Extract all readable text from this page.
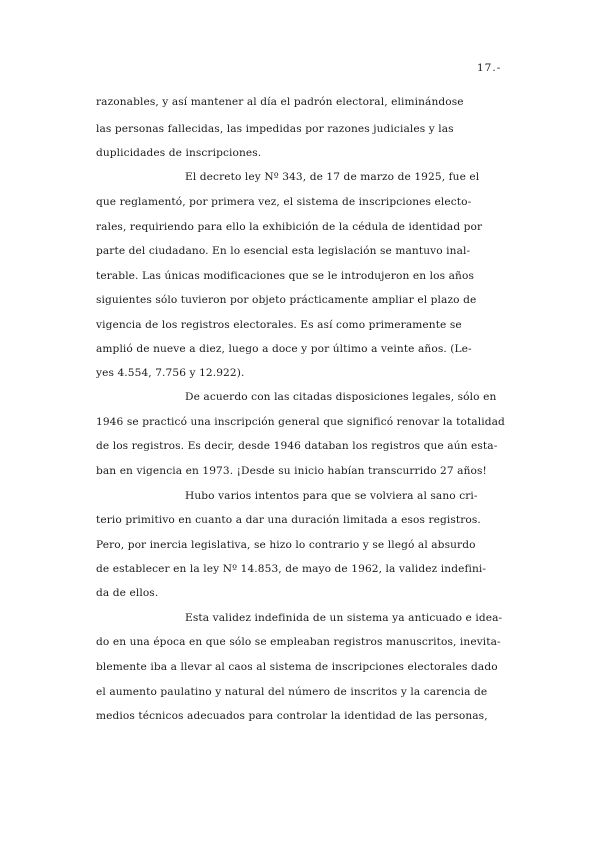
17.-
razonables, y así mantener al día el padrón electoral, eliminándose
las personas fallecidas, las impedidas por razones judiciales y las
duplicidades de inscripciones.
El decreto ley Nº 343, de 17 de marzo de 1925, fue el
que reglamentó, por primera vez, el sistema de inscripciones electo-
rales, requiriendo para ello la exhibición de la cédula de identidad por
parte del ciudadano. En lo esencial esta legislación se mantuvo inal-
terable. Las únicas modificaciones que se le introdujeron en los años
siguientes sólo tuvieron por objeto prácticamente ampliar el plazo de
vigencia de los registros electorales. Es así como primeramente se
amplió de nueve a diez, luego a doce y por último a veinte años. (Le-
yes 4.554, 7.756 y 12.922).
De acuerdo con las citadas disposiciones legales, sólo en
1946 se practicó una inscripción general que significó renovar la totalidad
de los registros. Es decir, desde 1946 databan los registros que aún esta-
ban en vigencia en 1973. ¡Desde su inicio habían transcurrido 27 años!
Hubo varios intentos para que se volviera al sano cri-
terio primitivo en cuanto a dar una duración limitada a esos registros.
Pero, por inercia legislativa, se hizo lo contrario y se llegó al absurdo
de establecer en la ley Nº 14.853, de mayo de 1962, la validez indefini-
da de ellos.
Esta validez indefinida de un sistema ya anticuado e idea-
do en una época en que sólo se empleaban registros manuscritos, inevita-
blemente iba a llevar al caos al sistema de inscripciones electorales dado
el aumento paulatino y natural del número de inscritos y la carencia de
medios técnicos adecuados para controlar la identidad de las personas,
